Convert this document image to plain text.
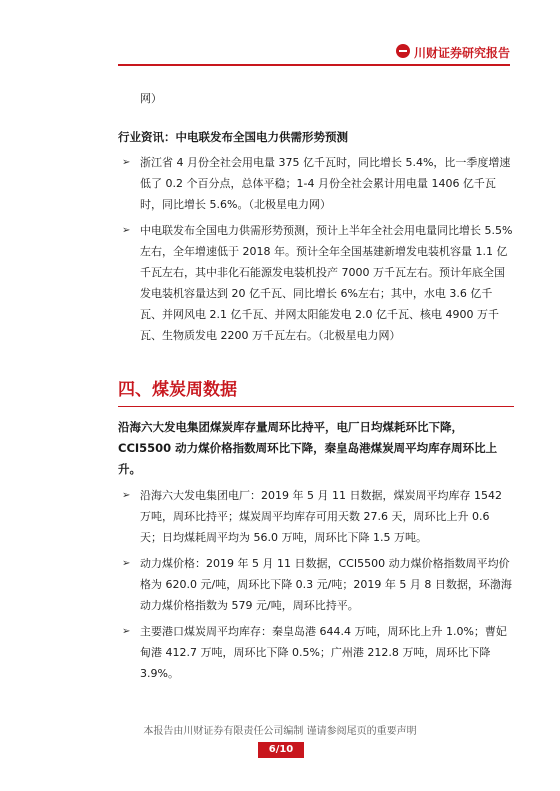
川财证券研究报告

网）

行业资讯：中电联发布全国电力供需形势预测
➢ 浙江省 4 月份全社会用电量 375 亿千瓦时，同比增长 5.4%，比一季度增速低了 0.2 个百分点，总体平稳；1-4 月份全社会累计用电量 1406 亿千瓦时，同比增长 5.6%。（北极星电力网）
➢ 中电联发布全国电力供需形势预测，预计上半年全社会用电量同比增长 5.5%左右，全年增速低于 2018 年。预计全年全国基建新增发电装机容量 1.1 亿千瓦左右，其中非化石能源发电装机投产 7000 万千瓦左右。预计年底全国发电装机容量达到 20 亿千瓦、同比增长 6%左右；其中，水电 3.6 亿千瓦、并网风电 2.1 亿千瓦、并网太阳能发电 2.0 亿千瓦、核电 4900 万千瓦、生物质发电 2200 万千瓦左右。（北极星电力网）
四、煤炭周数据
沿海六大发电集团煤炭库存量周环比持平，电厂日均煤耗环比下降，CCI5500 动力煤价格指数周环比下降，秦皇岛港煤炭周平均库存周环比上升。
➢ 沿海六大发电集团电厂：2019 年 5 月 11 日数据，煤炭周平均库存 1542 万吨，周环比持平；煤炭周平均库存可用天数 27.6 天，周环比上升 0.6 天；日均煤耗周平均为 56.0 万吨，周环比下降 1.5 万吨。
➢ 动力煤价格：2019 年 5 月 11 日数据，CCI5500 动力煤价格指数周平均价格为 620.0 元/吨，周环比下降 0.3 元/吨；2019 年 5 月 8 日数据，环渤海动力煤价格指数为 579 元/吨，周环比持平。
➢ 主要港口煤炭周平均库存：秦皇岛港 644.4 万吨，周环比上升 1.0%；曹妃甸港 412.7 万吨，周环比下降 0.5%；广州港 212.8 万吨，周环比下降 3.9%。
本报告由川财证券有限责任公司编制 谨请参阅尾页的重要声明
6/10
